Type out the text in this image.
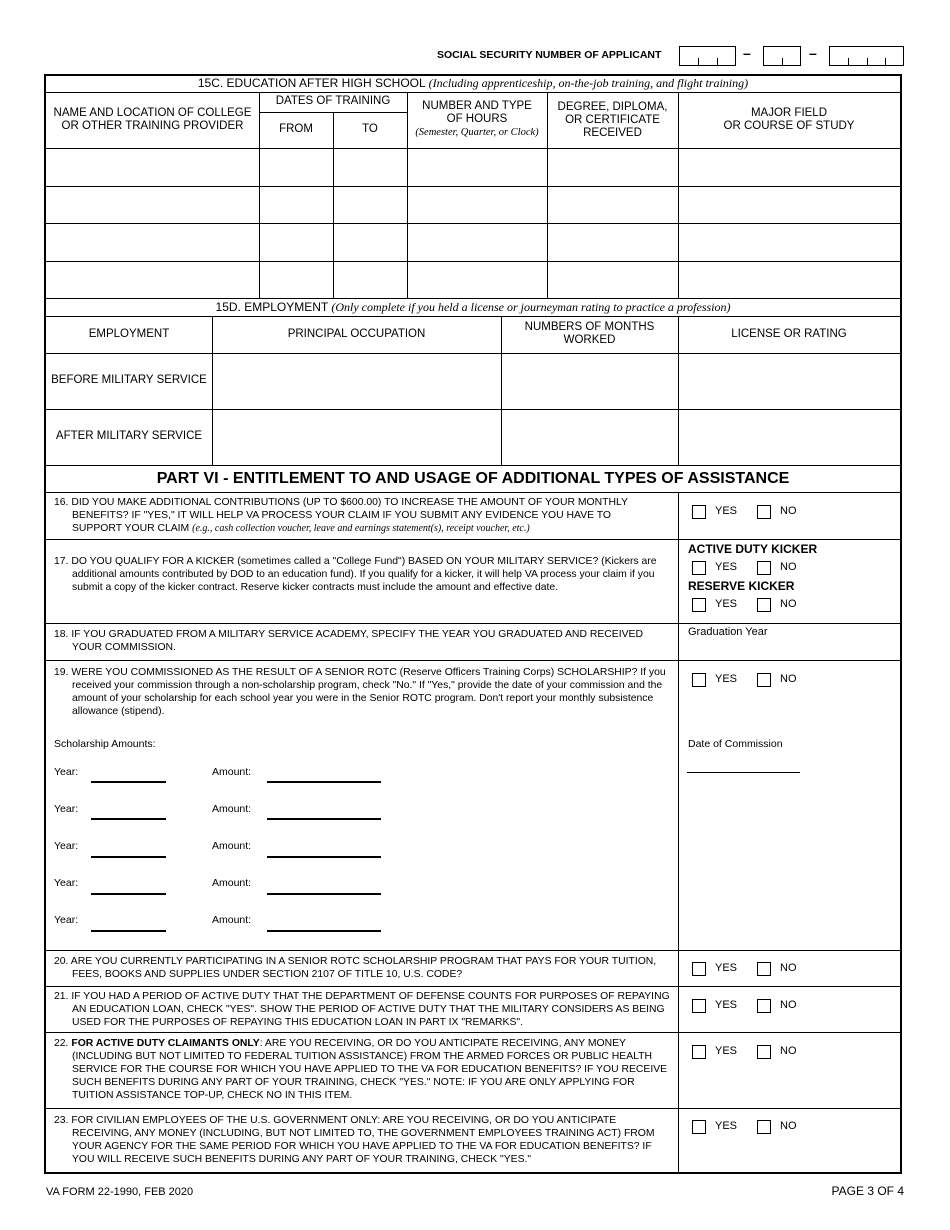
SOCIAL SECURITY NUMBER OF APPLICANT	–	–
15C. EDUCATION AFTER HIGH SCHOOL (Including apprenticeship, on-the-job training, and flight training)
NAME AND LOCATION OF COLLEGE
OR OTHER TRAINING PROVIDER
DATES OF TRAINING
FROM	TO
NUMBER AND TYPE
OF HOURS
(Semester, Quarter, or Clock)
DEGREE, DIPLOMA,
OR CERTIFICATE
RECEIVED
MAJOR FIELD
OR COURSE OF STUDY
15D. EMPLOYMENT (Only complete if you held a license or journeyman rating to practice a profession)
EMPLOYMENT	PRINCIPAL OCCUPATION
NUMBERS OF MONTHS
WORKED	LICENSE OR RATING
BEFORE MILITARY SERVICE
AFTER MILITARY SERVICE
PART VI - ENTITLEMENT TO AND USAGE OF ADDITIONAL TYPES OF ASSISTANCE
16. DID YOU MAKE ADDITIONAL CONTRIBUTIONS (UP TO $600.00) TO INCREASE THE AMOUNT OF YOUR MONTHLY
BENEFITS? IF "YES," IT WILL HELP VA PROCESS YOUR CLAIM IF YOU SUBMIT ANY EVIDENCE YOU HAVE TO
SUPPORT YOUR CLAIM (e.g., cash collection voucher, leave and earnings statement(s), receipt voucher, etc.)
YES	NO
17. DO YOU QUALIFY FOR A KICKER (sometimes called a "College Fund") BASED ON YOUR MILITARY SERVICE? (Kickers are additional amounts contributed by DOD to an education fund). If you qualify for a kicker, it will help VA process your claim if you submit a copy of the kicker contract. Reserve kicker contracts must include the amount and effective date.
ACTIVE DUTY KICKER
YES	NO
RESERVE KICKER
YES	NO
18. IF YOU GRADUATED FROM A MILITARY SERVICE ACADEMY, SPECIFY THE YEAR YOU GRADUATED AND RECEIVED YOUR COMMISSION.
Graduation Year
19. WERE YOU COMMISSIONED AS THE RESULT OF A SENIOR ROTC (Reserve Officers Training Corps) SCHOLARSHIP? If you received your commission through a non-scholarship program, check "No." If "Yes," provide the date of your commission and the amount of your scholarship for each school year you were in the Senior ROTC program. Don't report your monthly subsistence allowance (stipend).
YES	NO
Scholarship Amounts:	Date of Commission
Year:	Amount:
Year:	Amount:
Year:	Amount:
Year:	Amount:
Year:	Amount:
20. ARE YOU CURRENTLY PARTICIPATING IN A SENIOR ROTC SCHOLARSHIP PROGRAM THAT PAYS FOR YOUR TUITION, FEES, BOOKS AND SUPPLIES UNDER SECTION 2107 OF TITLE 10, U.S. CODE?
YES	NO
21. IF YOU HAD A PERIOD OF ACTIVE DUTY THAT THE DEPARTMENT OF DEFENSE COUNTS FOR PURPOSES OF REPAYING AN EDUCATION LOAN, CHECK "YES". SHOW THE PERIOD OF ACTIVE DUTY THAT THE MILITARY CONSIDERS AS BEING USED FOR THE PURPOSES OF REPAYING THIS EDUCATION LOAN IN PART IX "REMARKS".
YES	NO
22. FOR ACTIVE DUTY CLAIMANTS ONLY: ARE YOU RECEIVING, OR DO YOU ANTICIPATE RECEIVING, ANY MONEY (INCLUDING BUT NOT LIMITED TO FEDERAL TUITION ASSISTANCE) FROM THE ARMED FORCES OR PUBLIC HEALTH SERVICE FOR THE COURSE FOR WHICH YOU HAVE APPLIED TO THE VA FOR EDUCATION BENEFITS? IF YOU RECEIVE SUCH BENEFITS DURING ANY PART OF YOUR TRAINING, CHECK "YES." NOTE: IF YOU ARE ONLY APPLYING FOR TUITION ASSISTANCE TOP-UP, CHECK NO IN THIS ITEM.
YES	NO
23. FOR CIVILIAN EMPLOYEES OF THE U.S. GOVERNMENT ONLY: ARE YOU RECEIVING, OR DO YOU ANTICIPATE RECEIVING, ANY MONEY (INCLUDING, BUT NOT LIMITED TO, THE GOVERNMENT EMPLOYEES TRAINING ACT) FROM YOUR AGENCY FOR THE SAME PERIOD FOR WHICH YOU HAVE APPLIED TO THE VA FOR EDUCATION BENEFITS? IF YOU WILL RECEIVE SUCH BENEFITS DURING ANY PART OF YOUR TRAINING, CHECK "YES."
YES	NO
VA FORM 22-1990, FEB 2020	PAGE 3 OF 4
